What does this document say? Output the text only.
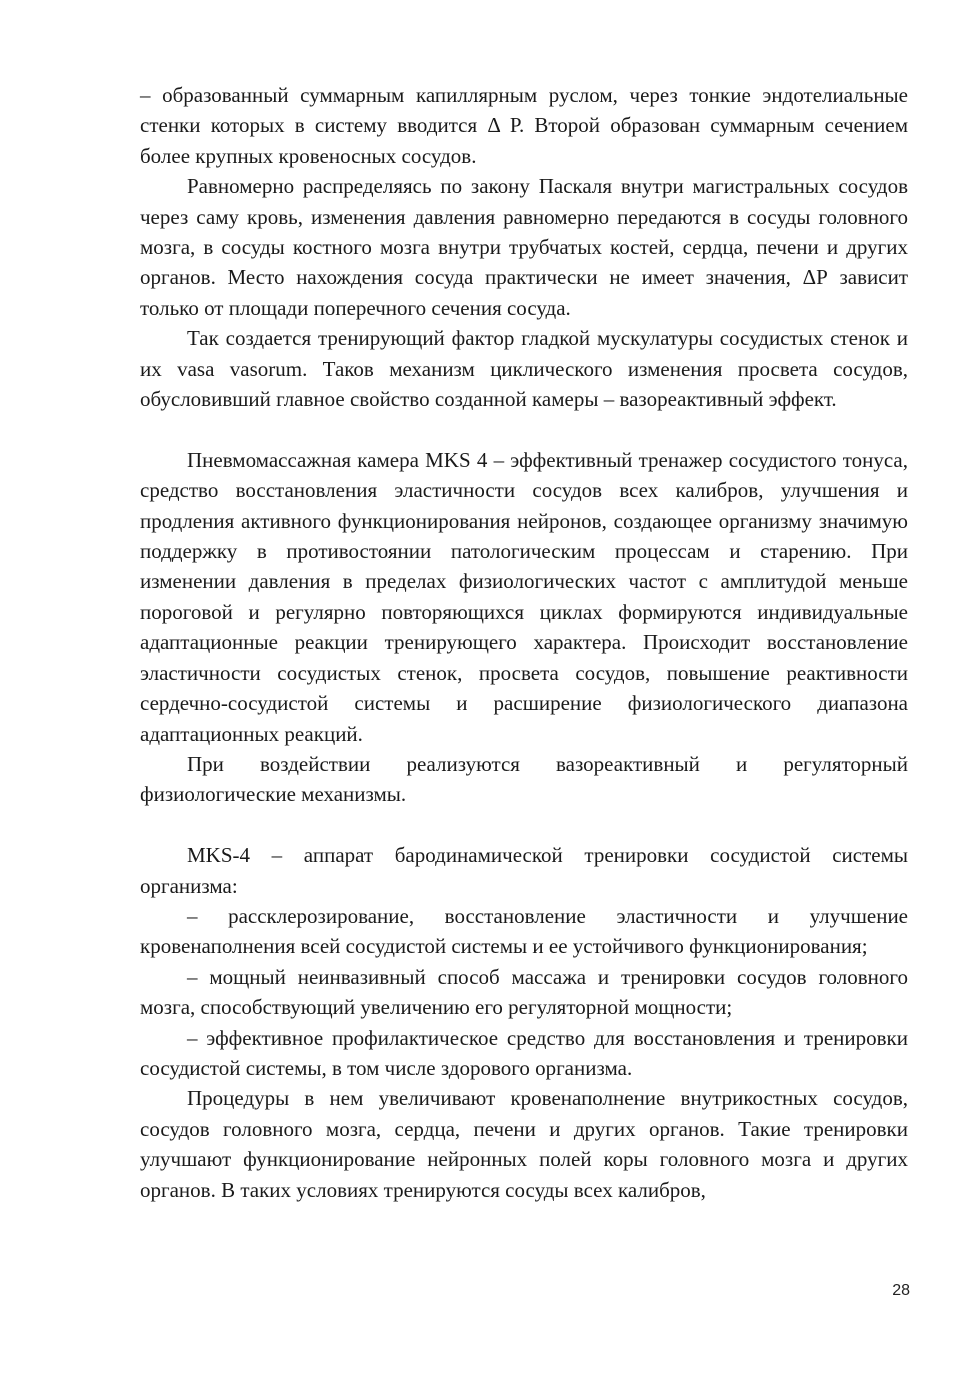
– образованный суммарным капиллярным руслом, через тонкие эндотелиальные стенки которых в систему вводится Δ Р. Второй образован суммарным сечением более крупных кровеносных сосудов.

Равномерно распределяясь по закону Паскаля внутри магистральных сосудов через саму кровь, изменения давления равномерно передаются в сосуды головного мозга, в сосуды костного мозга внутри трубчатых костей, сердца, печени и других органов. Место нахождения сосуда практически не имеет значения, ΔР зависит только от площади поперечного сечения сосуда.

Так создается тренирующий фактор гладкой мускулатуры сосудистых стенок и их vasa vasorum. Таков механизм циклического изменения просвета сосудов, обусловивший главное свойство созданной камеры – вазореактивный эффект.

Пневмомассажная камера MKS 4 – эффективный тренажер сосудистого тонуса, средство восстановления эластичности сосудов всех калибров, улучшения и продления активного функционирования нейронов, создающее организму значимую поддержку в противостоянии патологическим процессам и старению. При изменении давления в пределах физиологических частот с амплитудой меньше пороговой и регулярно повторяющихся циклах формируются индивидуальные адаптационные реакции тренирующего характера. Происходит восстановление эластичности сосудистых стенок, просвета сосудов, повышение реактивности сердечно-сосудистой системы и расширение физиологического диапазона адаптационных реакций.

При воздействии реализуются вазореактивный и регуляторный физиологические механизмы.

MKS-4 – аппарат бародинамической тренировки сосудистой системы организма:

– рассклерозирование, восстановление эластичности и улучшение кровенаполнения всей сосудистой системы и ее устойчивого функционирования;

– мощный неинвазивный способ массажа и тренировки сосудов головного мозга, способствующий увеличению его регуляторной мощности;

– эффективное профилактическое средство для восстановления и тренировки сосудистой системы, в том числе здорового организма.

Процедуры в нем увеличивают кровенаполнение внутрикостных сосудов, сосудов головного мозга, сердца, печени и других органов. Такие тренировки улучшают функционирование нейронных полей коры головного мозга и других органов. В таких условиях тренируются сосуды всех калибров,

28
